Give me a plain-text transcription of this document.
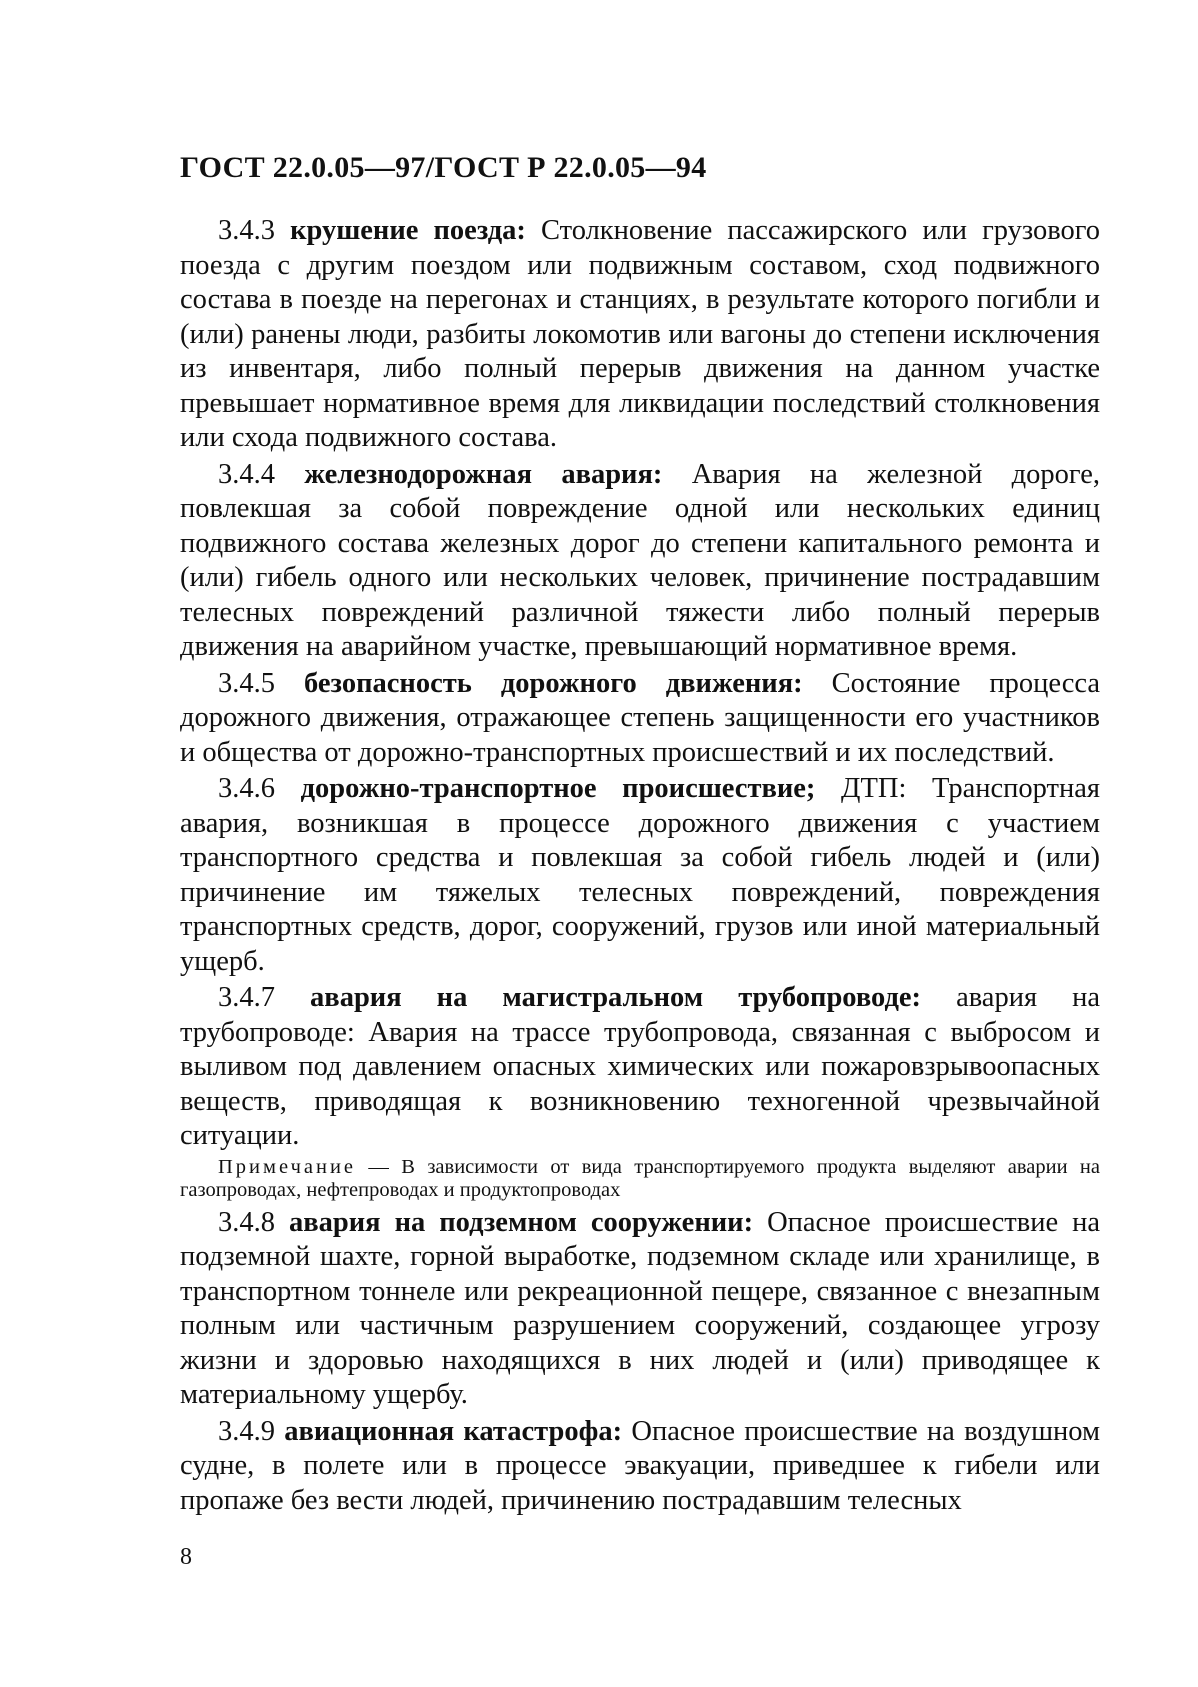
ГОСТ 22.0.05—97/ГОСТ Р 22.0.05—94

3.4.3 крушение поезда: Столкновение пассажирского или грузового поезда с другим поездом или подвижным составом, сход подвижного состава в поезде на перегонах и станциях, в результате которого погибли и (или) ранены люди, разбиты локомотив или вагоны до степени исключения из инвентаря, либо полный перерыв движения на данном участке превышает нормативное время для ликвидации последствий столкновения или схода подвижного состава.

3.4.4 железнодорожная авария: Авария на железной дороге, повлекшая за собой повреждение одной или нескольких единиц подвижного состава железных дорог до степени капитального ремонта и (или) гибель одного или нескольких человек, причинение пострадавшим телесных повреждений различной тяжести либо полный перерыв движения на аварийном участке, превышающий нормативное время.

3.4.5 безопасность дорожного движения: Состояние процесса дорожного движения, отражающее степень защищенности его участников и общества от дорожно-транспортных происшествий и их последствий.

3.4.6 дорожно-транспортное происшествие; ДТП: Транспортная авария, возникшая в процессе дорожного движения с участием транспортного средства и повлекшая за собой гибель людей и (или) причинение им тяжелых телесных повреждений, повреждения транспортных средств, дорог, сооружений, грузов или иной материальный ущерб.

3.4.7 авария на магистральном трубопроводе: авария на трубопроводе: Авария на трассе трубопровода, связанная с выбросом и выливом под давлением опасных химических или пожаровзрывоопасных веществ, приводящая к возникновению техногенной чрезвычайной ситуации.

Примечание — В зависимости от вида транспортируемого продукта выделяют аварии на газопроводах, нефтепроводах и продуктопроводах

3.4.8 авария на подземном сооружении: Опасное происшествие на подземной шахте, горной выработке, подземном складе или хранилище, в транспортном тоннеле или рекреационной пещере, связанное с внезапным полным или частичным разрушением сооружений, создающее угрозу жизни и здоровью находящихся в них людей и (или) приводящее к материальному ущербу.

3.4.9 авиационная катастрофа: Опасное происшествие на воздушном судне, в полете или в процессе эвакуации, приведшее к гибели или пропаже без вести людей, причинению пострадавшим телесных

8
